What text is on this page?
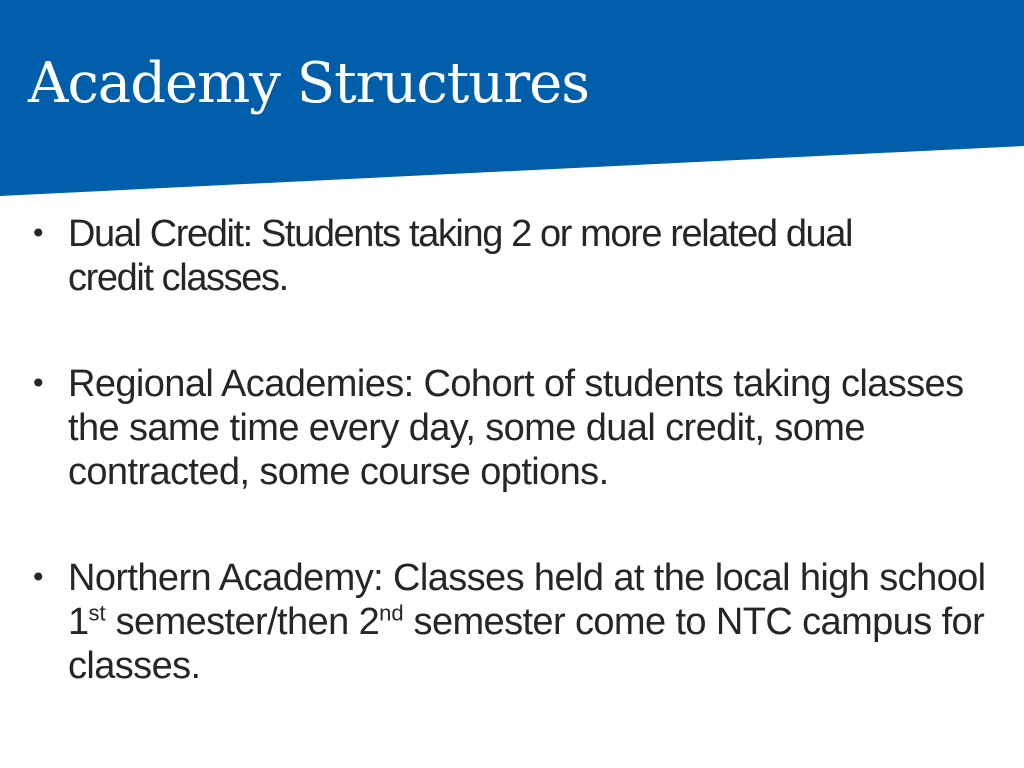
Academy Structures
• Dual Credit: Students taking 2 or more related dual credit classes.
• Regional Academies: Cohort of students taking classes the same time every day, some dual credit, some contracted, some course options.
• Northern Academy: Classes held at the local high school 1st semester/then 2nd semester come to NTC campus for classes.
